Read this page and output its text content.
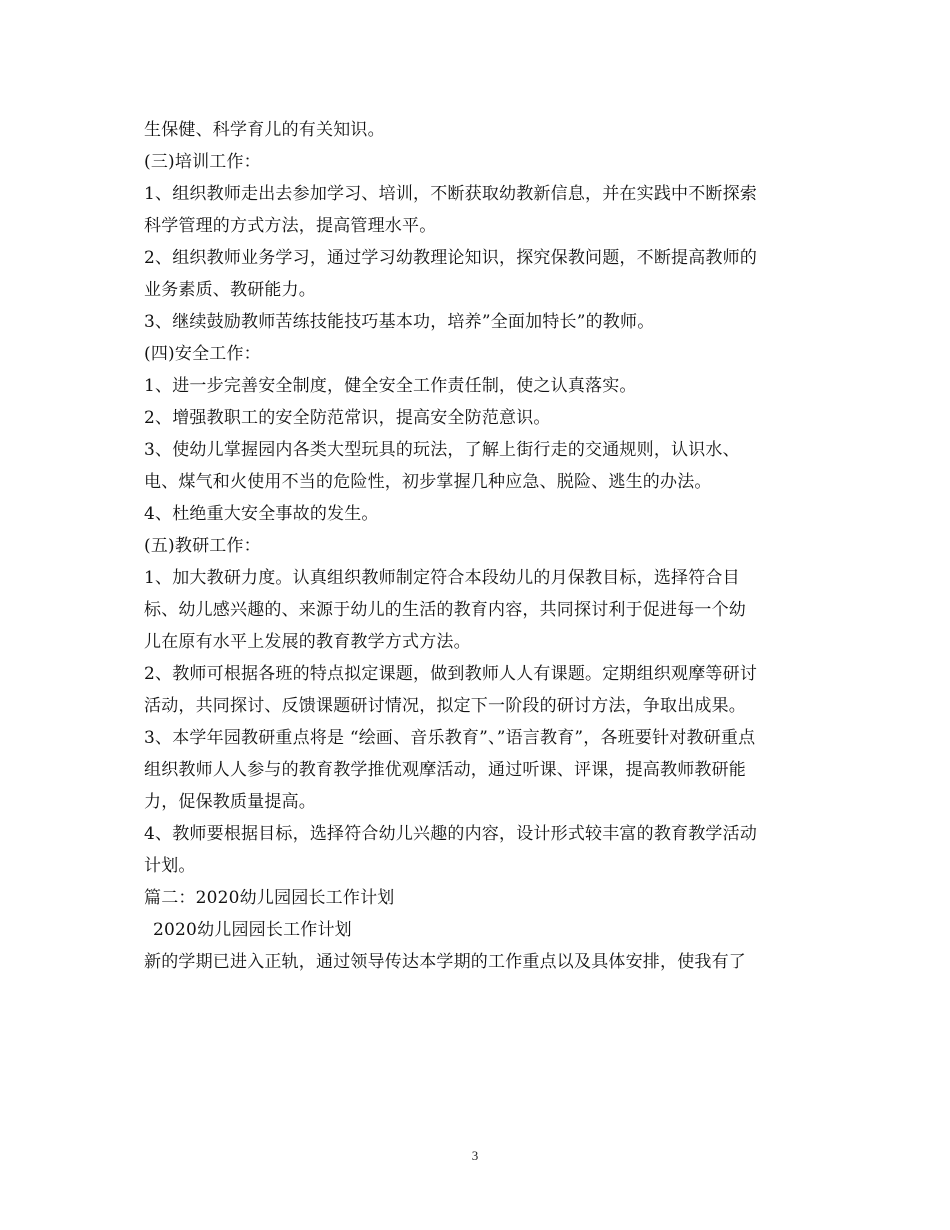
生保健、科学育儿的有关知识。
(三)培训工作：
1、组织教师走出去参加学习、培训，不断获取幼教新信息，并在实践中不断探索
科学管理的方式方法，提高管理水平。
2、组织教师业务学习，通过学习幼教理论知识，探究保教问题，不断提高教师的
业务素质、教研能力。
3、继续鼓励教师苦练技能技巧基本功，培养”全面加特长”的教师。
(四)安全工作：
1、进一步完善安全制度，健全安全工作责任制，使之认真落实。
2、增强教职工的安全防范常识，提高安全防范意识。
3、使幼儿掌握园内各类大型玩具的玩法，了解上街行走的交通规则，认识水、
电、煤气和火使用不当的危险性，初步掌握几种应急、脱险、逃生的办法。
4、杜绝重大安全事故的发生。
(五)教研工作：
1、加大教研力度。认真组织教师制定符合本段幼儿的月保教目标，选择符合目
标、幼儿感兴趣的、来源于幼儿的生活的教育内容，共同探讨利于促进每一个幼
儿在原有水平上发展的教育教学方式方法。
2、教师可根据各班的特点拟定课题，做到教师人人有课题。定期组织观摩等研讨
活动，共同探讨、反馈课题研讨情况，拟定下一阶段的研讨方法，争取出成果。
3、本学年园教研重点将是 “绘画、音乐教育”、”语言教育”，各班要针对教研重点
组织教师人人参与的教育教学推优观摩活动，通过听课、评课，提高教师教研能
力，促保教质量提高。
4、教师要根据目标，选择符合幼儿兴趣的内容，设计形式较丰富的教育教学活动
计划。
篇二：2020幼儿园园长工作计划
2020幼儿园园长工作计划
新的学期已进入正轨，通过领导传达本学期的工作重点以及具体安排，使我有了
3
